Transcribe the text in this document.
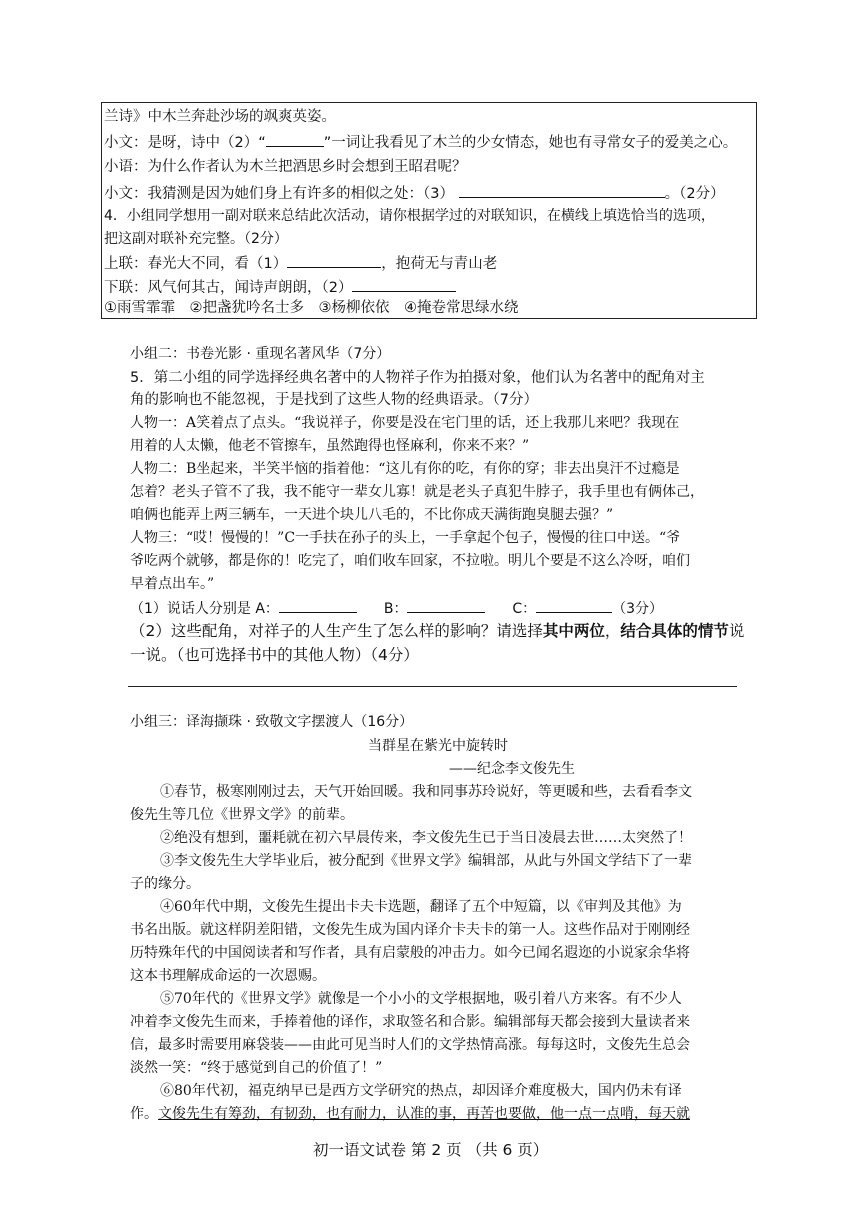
兰诗》中木兰奔赴沙场的飒爽英姿。
小文：是呀，诗中（2）“	”一词让我看见了木兰的少女情态，她也有寻常女子的爱美之心。
小语：为什么作者认为木兰把酒思乡时会想到王昭君呢？
小文：我猜测是因为她们身上有许多的相似之处：（3）	。（2分）
4．小组同学想用一副对联来总结此次活动，请你根据学过的对联知识，在横线上填选恰当的选项，
把这副对联补充完整。（2分）
上联：春光大不同，看（1）	，抱荷无与青山老
下联：风气何其古，闻诗声朗朗，（2）
①雨雪霏霏　②把盏犹吟名士多　③杨柳依依　④掩卷常思绿水绕
小组二：书卷光影 · 重现名著风华（7分）
5．第二小组的同学选择经典名著中的人物祥子作为拍摄对象，他们认为名著中的配角对主
角的影响也不能忽视，于是找到了这些人物的经典语录。（7分）
人物一：A笑着点了点头。“我说祥子，你要是没在宅门里的话，还上我那儿来吧？我现在
用着的人太懒，他老不管擦车，虽然跑得也怪麻利，你来不来？”
人物二：B坐起来，半笑半恼的指着他：“这儿有你的吃，有你的穿；非去出臭汗不过瘾是
怎着？老头子管不了我，我不能守一辈女儿寡！就是老头子真犯牛脖子，我手里也有俩体己，
咱俩也能弄上两三辆车，一天进个块儿八毛的，不比你成天满街跑臭腿去强？”
人物三：“哎！慢慢的！”C一手扶在孙子的头上，一手拿起个包子，慢慢的往口中送。“爷
爷吃两个就够，都是你的！吃完了，咱们收车回家，不拉啦。明儿个要是不这么冷呀，咱们
早着点出车。”
（1）说话人分别是 A：	B：	C：	（3分）
（2）这些配角，对祥子的人生产生了怎么样的影响？请选择其中两位，结合具体的情节说
一说。（也可选择书中的其他人物）（4分）
小组三：译海撷珠 · 致敬文字摆渡人（16分）
当群星在紫光中旋转时
——纪念李文俊先生
①春节，极寒刚刚过去，天气开始回暖。我和同事苏玲说好，等更暖和些，去看看李文
俊先生等几位《世界文学》的前辈。
②绝没有想到，噩耗就在初六早晨传来，李文俊先生已于当日凌晨去世……太突然了！
③李文俊先生大学毕业后，被分配到《世界文学》编辑部，从此与外国文学结下了一辈
子的缘分。
④60年代中期，文俊先生提出卡夫卡选题，翻译了五个中短篇，以《审判及其他》为
书名出版。就这样阴差阳错，文俊先生成为国内译介卡夫卡的第一人。这些作品对于刚刚经
历特殊年代的中国阅读者和写作者，具有启蒙般的冲击力。如今已闻名遐迩的小说家余华将
这本书理解成命运的一次恩赐。
⑤70年代的《世界文学》就像是一个小小的文学根据地，吸引着八方来客。有不少人
冲着李文俊先生而来，手捧着他的译作，求取签名和合影。编辑部每天都会接到大量读者来
信，最多时需要用麻袋装——由此可见当时人们的文学热情高涨。每每这时，文俊先生总会
淡然一笑：“终于感觉到自己的价值了！”
⑥80年代初，福克纳早已是西方文学研究的热点，却因译介难度极大，国内仍未有译
作。文俊先生有筹劲，有韧劲，也有耐力，认准的事，再苦也要做，他一点一点啃，每天就
初一语文试卷 第 2 页 （共 6 页）
